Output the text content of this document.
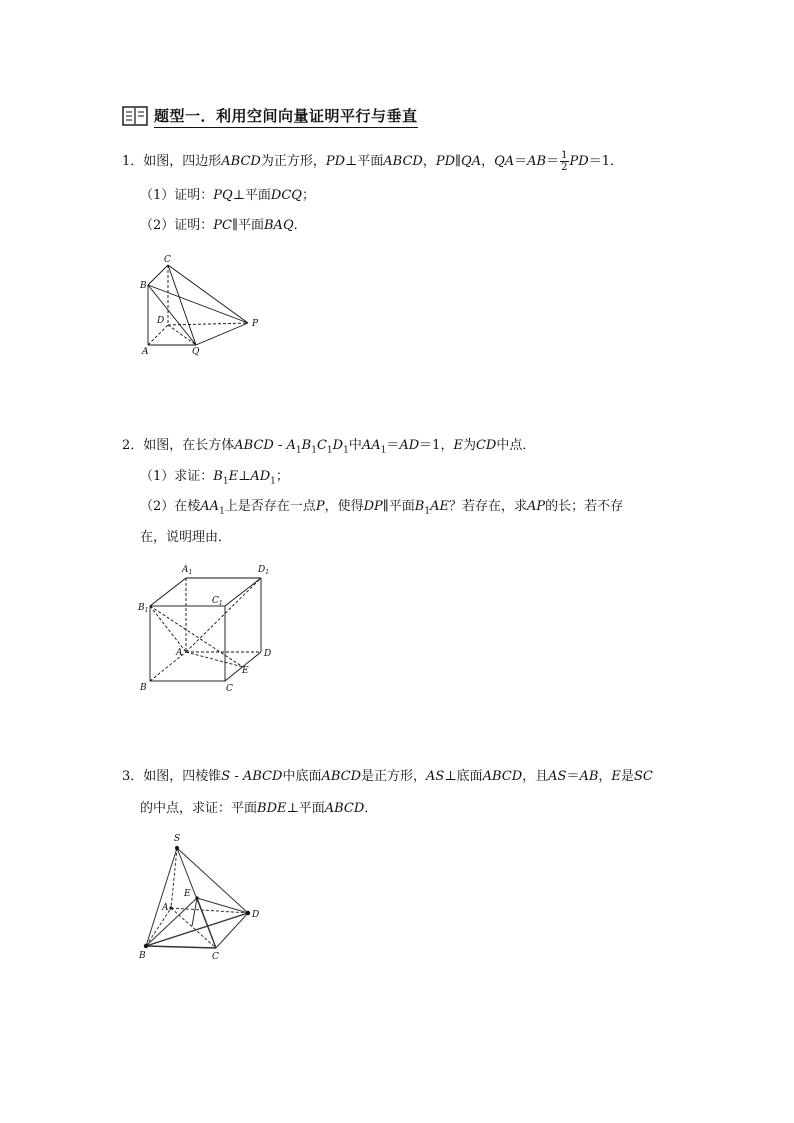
题型一．利用空间向量证明平行与垂直
1．如图，四边形ABCD为正方形，PD⊥平面ABCD，PD∥QA，$QA=AB= \frac{1}{2} PD=1$．
（1）证明：PQ⊥平面DCQ；
（2）证明：PC∥平面BAQ．
C
B
D	P
A	Q
2．如图，在长方体ABCD - $A_1B_1C_1D_1$中$AA_1=AD=1$，E为CD中点．
（1）求证：$B_1E\perp AD_1$；
（2）在棱$AA_1$上是否存在一点P，使得DP∥平面$B_1AE$？若存在，求AP的长；若不存
在，说明理由．
$A_1$	$D_1$
$B_1$
$C_1$
A	D
E
B	C
3．如图，四棱锥S - ABCD中底面ABCD是正方形，AS⊥底面ABCD，且AS＝AB，E是SC
的中点，求证：平面BDE⊥平面ABCD．
S
E
A
D
B	C
